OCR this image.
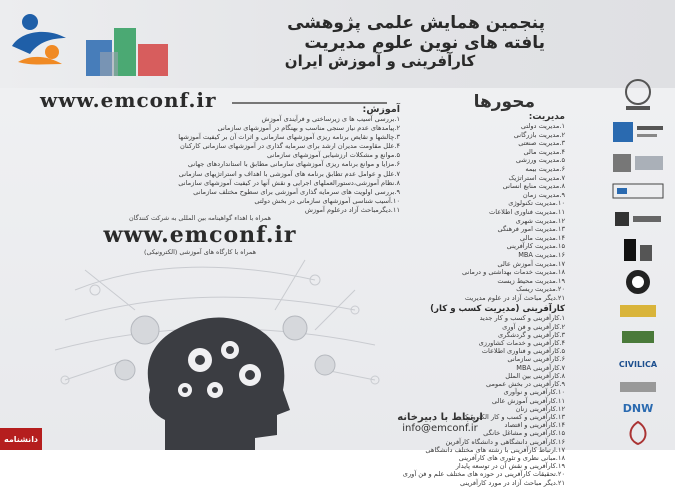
پنجمین همایش علمی پژوهشی
یافته های نوین علوم مدیریت
کارآفرینی و آموزش ایران
www.emconf.ir	محورها
آموزش:
۱.بررسی آسیب ها ی زیرساختی و فرآیندی آموزش
۲.پیامدهای عدم نیاز سنجی مناسب و بهنگام در آموزشهای سازمانی
۳.چالشها و نقایص برنامه ریزی آموزشهای سازمانی و اثرات آن بر کیفیت آموزشها
۴.علل مقاومت مدیران ارشد برای سرمایه گذاری در آموزشهای سازمانی کارکنان
۵.موانع و مشکلات ارزشیابی آموزشهای سازمانی
۶.مزایا و موانع برنامه ریزی آموزشهای سازمانی مطابق با استانداردهای جهانی
۷.علل و عوامل عدم تطابق برنامه های آموزشی با اهداف و استراتژیهای سازمانی
۸.نظام آموزشی،دستورالعملهای اجرایی و نقش آنها در کیفیت آموزشهای سازمانی
۹.بررسی اولویت های سرمایه گذاری آموزشی برای سطوح مختلف سازمانی
۱۰.آسیب شناسی آموزشهای سازمانی در بخش دولتی
۱۱.دیگرمباحث آزاد درعلوم آموزش
مدیریت:
۱.مدیریت دولتی
۲.مدیریت بازرگانی
۳.مدیریت صنعتی
۴.مدیریت مالی
۵.مدیریت ورزشی
۶.مدیریت بیمه
۷.مدیریت استراتژیک
۸.مدیریت منابع انسانی
۹.مدیریت زمان
۱۰.مدیریت تکنولوژی
۱۱.مدیریت فناوری اطلاعات
۱۲.مدیریت شهری
۱۳.مدیریت امور فرهنگی
۱۴.مدیریت مالی
۱۵.مدیریت کارآفرینی
۱۶.مدیریت MBA
۱۷.مدیریت آموزش عالی
۱۸.مدیریت خدمات بهداشتی و درمانی
۱۹.مدیریت محیط زیست
۲۰.مدیریت ریسک
۲۱.دیگر مباحث آزاد در علوم مدیریت
کارآفرینی (مدیریت کسب و کار)
۱.کارآفرینی و کسب و کار جدید
۲.کارآفرینی و فن آوری
۳.کارآفرینی و گردشگری
۴.کارآفرینی و خدمات کشاورزی
۵.کارآفرینی و فناوری اطلاعات
۶.کارآفرینی سازمانی
۷.کارآفرینی MBA
۸.کارآفرینی بین الملل
۹.کارآفرینی در بخش عمومی
۱۰.کارآفرینی و نوآوری
۱۱.کارآفرینی آموزش عالی
۱۲.کارآفرینی زنان
۱۳.کارآفرینی و کسب و کار الکترونیکی
۱۴.کارآفرینی و اقتصاد
۱۵.کارآفرینی و مشاغل خانگی
۱۶.کارآفرینی دانشگاهی و دانشگاه کارآفرین
۱۷.ارتباط کارآفرینی با رشته های مختلف دانشگاهی
۱۸.مبانی نظری و تئوری های کارآفرینی
۱۹.کارآفرینی و نقش آن در توسعه پایدار
۲۰.تحقیقات کارآفرینی در حوزه های مختلف علم و فن آوری
۲۱.دیگر مباحث آزاد در مورد کارآفرینی
همراه با اهداء گواهینامه بین المللی به شرکت کنندگان
www.emconf.ir
همراه با کارگاه های آموزشی (الکترونیکی)
ارتباط با دبیرخانه
info@emconf.ir
CIVILICA
DNW
دانشنامه
